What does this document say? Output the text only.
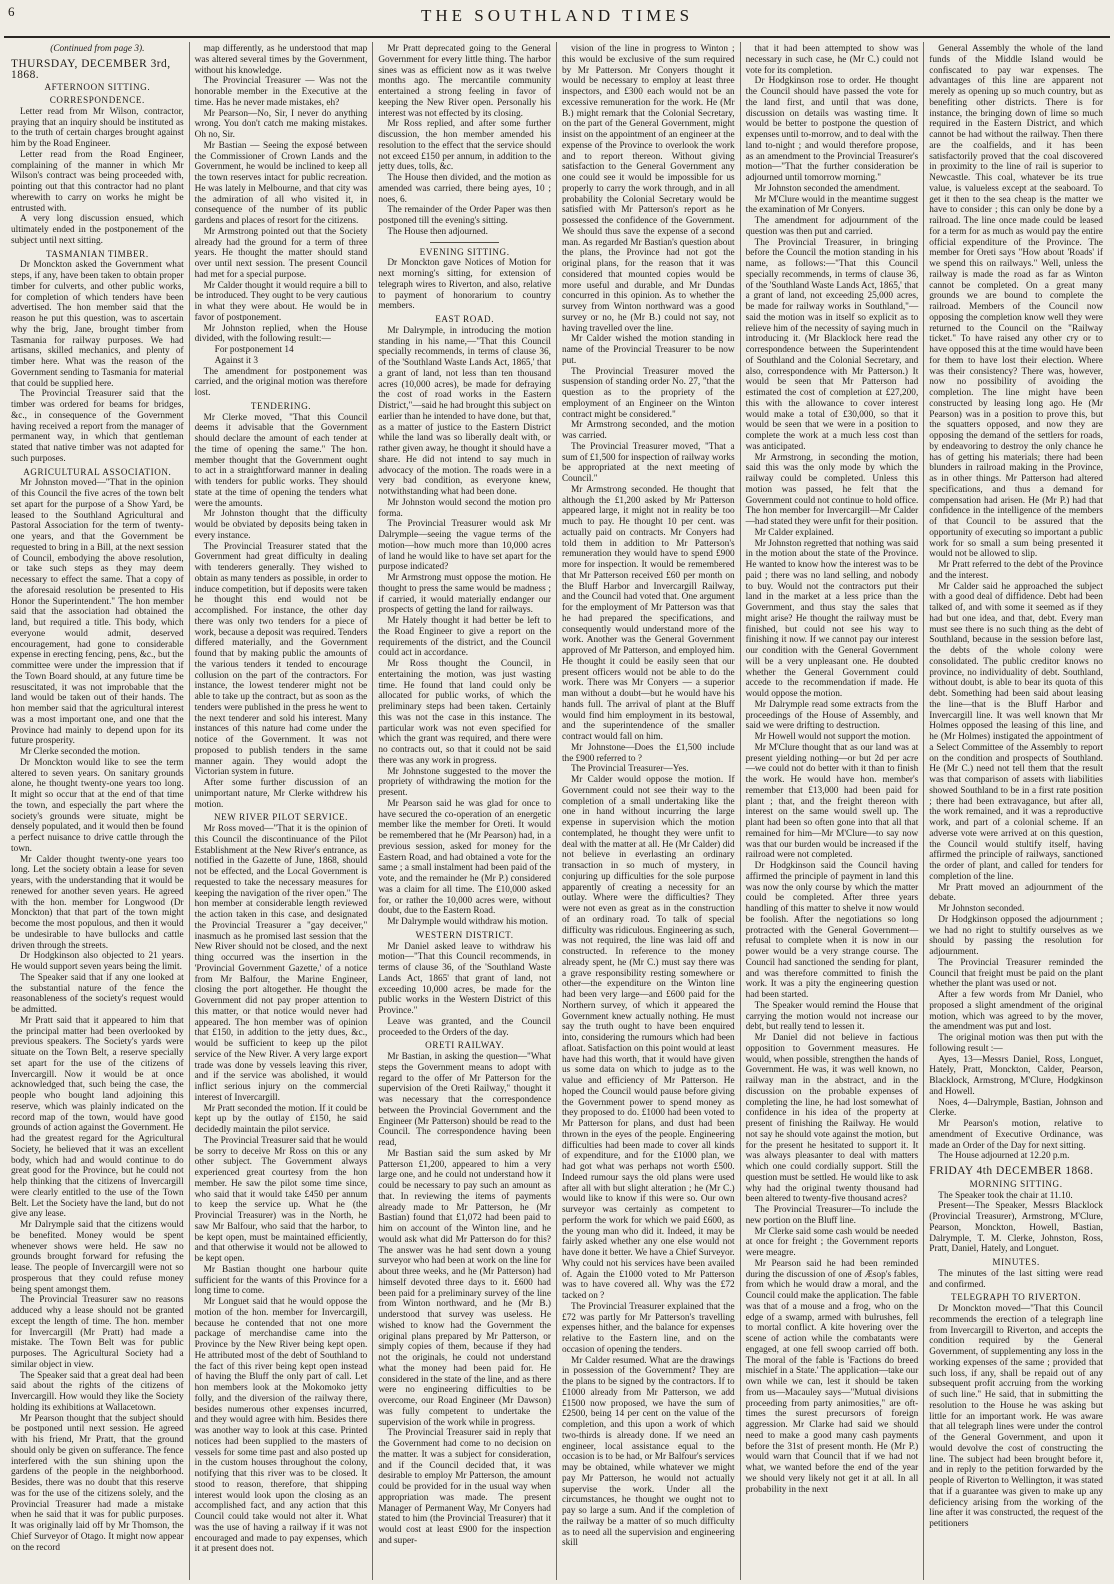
6	THE SOUTHLAND TIMES

(Continued from page 3).

THURSDAY, DECEMBER 3rd, 1868.

AFTERNOON SITTING.

CORRESPONDENCE.

Letter read from Mr Wilson, contractor, praying that an inquiry should be instituted as to the truth of certain charges brought against him by the Road Engineer.

Letter read from the Road Engineer, complaining of the manner in which Mr Wilson's contract was being proceeded with, pointing out that this contractor had no plant wherewith to carry on works he might be entrusted with.

A very long discussion ensued, which ultimately ended in the postponement of the subject until next sitting.

TASMANIAN TIMBER.

Dr Monckton asked the Government what steps, if any, have been taken to obtain proper timber for culverts, and other public works, for completion of which tenders have been advertised. The hon member said that the reason he put this question, was to ascertain why the brig, Jane, brought timber from Tasmania for railway purposes. We had artisans, skilled mechanics, and plenty of timber here. What was the reason of the Government sending to Tasmania for material that could be supplied here.

The Provincial Treasurer said that the timber was ordered for beams for bridges, &c., in consequence of the Government having received a report from the manager of permanent way, in which that gentleman stated that native timber was not adapted for such purposes.

AGRICULTURAL ASSOCIATION.

Mr Johnston moved—"That in the opinion of this Council the five acres of the town belt set apart for the purpose of a Show Yard, be leased to the Southland Agricultural and Pastoral Association for the term of twenty-one years, and that the Government be requested to bring in a Bill, at the next session of Council, embodying the above resolution, or take such steps as they may deem necessary to effect the same. That a copy of the aforesaid resolution be presented to His Honor the Superintendent." The hon member said that the association had obtained the land, but required a title. This body, which everyone would admit, deserved encouragement, had gone to considerable expense in erecting fencing, pens, &c., but the committee were under the impression that if the Town Board should, at any future time be resuscitated, it was not improbable that the land would be taken out of their hands. The hon member said that the agricultural interest was a most important one, and one that the Province had mainly to depend upon for its future prosperity.

Mr Clerke seconded the motion.

Dr Monckton would like to see the term altered to seven years. On sanitary grounds alone, he thought twenty-one years too long. It might so occur that at the end of that time the town, and especially the part where the society's grounds were situate, might be densely populated, and it would then be found a perfect nuisance to drive cattle through the town.

Mr Calder thought twenty-one years too long. Let the society obtain a lease for seven years, with the understanding that it would be renewed for another seven years. He agreed with the hon. member for Longwood (Dr Monckton) that that part of the town might become the most populous, and then it would be undesirable to have bullocks and cattle driven through the streets.

Dr Hodgkinson also objected to 21 years. He would support seven years being the limit.

The Speaker said that if any one looked at the substantial nature of the fence the reasonableness of the society's request would be admitted.

Mr Pratt said that it appeared to him that the principal matter had been overlooked by previous speakers. The Society's yards were situate on the Town Belt, a reserve specially set apart for the use of the citizens of Invercargill. Now it would be at once acknowledged that, such being the case, the people who bought land adjoining this reserve, which was plainly indicated on the record map of the town, would have good grounds of action against the Government. He had the greatest regard for the Agricultural Society, he believed that it was an excellent body, which had and would continue to do great good for the Province, but he could not help thinking that the citizens of Invercargill were clearly entitled to the use of the Town Belt. Let the Society have the land, but do not give any lease.

Mr Dalrymple said that the citizens would be benefited. Money would be spent whenever shows were held. He saw no grounds brought forward for refusing the lease. The people of Invercargill were not so prosperous that they could refuse money being spent amongst them.

The Provincial Treasurer saw no reasons adduced why a lease should not be granted except the length of time. The hon. member for Invercargill (Mr Pratt) had made a mistake. The Town Belt was for public purposes. The Agricultural Society had a similar object in view.

The Speaker said that a great deal had been said about the rights of the citizens of Invercargill. How would they like the Society holding its exhibitions at Wallacetown.

Mr Pearson thought that the subject should be postponed until next session. He agreed with his friend, Mr Pratt, that the ground should only be given on sufferance. The fence interfered with the sun shining upon the gardens of the people in the neighborhood. Besides, there was no doubt that this reserve was for the use of the citizens solely, and the Provincial Treasurer had made a mistake when he said that it was for public purposes. It was originally laid off by Mr Thomson, the Chief Surveyor of Otago. It might now appear on the record

map differently, as he understood that map was altered several times by the Government, without his knowledge.

The Provincial Treasurer — Was not the honorable member in the Executive at the time. Has he never made mistakes, eh?

Mr Pearson—No, Sir, I never do anything wrong. You don't catch me making mistakes. Oh no, Sir.

Mr Bastian — Seeing the exposé between the Commissioner of Crown Lands and the Government, he would be inclined to keep all the town reserves intact for public recreation. He was lately in Melbourne, and that city was the admiration of all who visited it, in consequence of the number of its public gardens and places of resort for the citizens.

Mr Armstrong pointed out that the Society already had the ground for a term of three years. He thought the matter should stand over until next session. The present Council had met for a special purpose.

Mr Calder thought it would require a bill to be introduced. They ought to be very cautious in what they were about. He would be in favor of postponement.

Mr Johnston replied, when the House divided, with the following result:—

For postponement 14

Against it 3

The amendment for postponement was carried, and the original motion was therefore lost.

TENDERING.

Mr Clerke moved, "That this Council deems it advisable that the Government should declare the amount of each tender at the time of opening the same." The hon. member thought that the Government ought to act in a straightforward manner in dealing with tenders for public works. They should state at the time of opening the tenders what were the amounts.

Mr Johnston thought that the difficulty would be obviated by deposits being taken in every instance.

The Provincial Treasurer stated that the Government had great difficulty in dealing with tenderers generally. They wished to obtain as many tenders as possible, in order to induce competition, but if deposits were taken he thought this end would not be accomplished. For instance, the other day there was only two tenders for a piece of work, because a deposit was required. Tenders differed materially, and the Government found that by making public the amounts of the various tenders it tended to encourage collusion on the part of the contractors. For instance, the lowest tenderer might not be able to take up the contract, but as soon as the tenders were published in the press he went to the next tenderer and sold his interest. Many instances of this nature had come under the notice of the Government. It was not proposed to publish tenders in the same manner again. They would adopt the Victorian system in future.

After some further discussion of an unimportant nature, Mr Clerke withdrew his motion.

NEW RIVER PILOT SERVICE.

Mr Ross moved—"That it is the opinion of this Council the discontinuance of the Pilot Establishment at the New River's entrance, as notified in the Gazette of June, 1868, should not be effected, and the Local Government is requested to take the necessary measures for keeping the navigation of the river open." The hon member at considerable length reviewed the action taken in this case, and designated the Provincial Treasurer a "gay deceiver," inasmuch as he promised last session that the New River should not be closed, and the next thing occurred was the insertion in the 'Provincial Government Gazette,' of a notice from Mr Balfour, the Marine Engineer, closing the port altogether. He thought the Government did not pay proper attention to this matter, or that notice would never had appeared. The hon member was of opinion that £150, in addition to the jetty dues, &c., would be sufficient to keep up the pilot service of the New River. A very large export trade was done by vessels leaving this river, and if the service was abolished, it would inflict serious injury on the commercial interest of Invercargill.

Mr Pratt seconded the motion. If it could be kept up by the outlay of £150, he said decidedly maintain the pilot service.

The Provincial Treasurer said that he would be sorry to deceive Mr Ross on this or any other subject. The Government always experienced great courtesy from the hon member. He saw the pilot some time since, who said that it would take £450 per annum to keep the service up. What he (the Provincial Treasurer) was in the North, he saw Mr Balfour, who said that the harbor, to be kept open, must be maintained efficiently, and that otherwise it would not be allowed to be kept open.

Mr Bastian thought one harbour quite sufficient for the wants of this Province for a long time to come.

Mr Longuet said that he would oppose the motion of the hon. member for Invercargill, because he contended that not one more package of merchandise came into the Province by the New River being kept open. He attributed most of the debt of Southland to the fact of this river being kept open instead of having the Bluff the only part of call. Let hon members look at the Mokomoko jetty folly, and the diversion of the railway there, besides numerous other expenses incurred, and they would agree with him. Besides there was another way to look at this case. Printed notices had been supplied to the masters of vessels for some time past and also posted up in the custom houses throughout the colony, notifying that this river was to be closed. It stood to reason, therefore, that shipping interest would look upon the closing as an accomplished fact, and any action that this Council could take would not alter it. What was the use of having a railway if it was not encouraged and made to pay expenses, which it at present does not.

Mr Pratt deprecated going to the General Government for every little thing. The harbor sines was as efficient now as it was twelve months ago. The mercantile community entertained a strong feeling in favor of keeping the New River open. Personally his interest was not effected by its closing.

Mr Ross replied, and after some further discussion, the hon member amended his resolution to the effect that the service should not exceed £150 per annum, in addition to the jetty dues, tolls, &c.

The House then divided, and the motion as amended was carried, there being ayes, 10 ; noes, 6.

The remainder of the Order Paper was then postponed till the evening's sitting.

The House then adjourned.

EVENING SITTING.

Dr Monckton gave Notices of Motion for next morning's sitting, for extension of telegraph wires to Riverton, and also, relative to payment of honorarium to country members.

EAST ROAD.

Mr Dalrymple, in introducing the motion standing in his name,—"That this Council specially recommends, in terms of clause 36, of the 'Southland Waste Lands Act, 1865,' that a grant of land, not less than ten thousand acres (10,000 acres), be made for defraying the cost of road works in the Eastern District,"—said he had brought this subject on earlier than he intended to have done, but that, as a matter of justice to the Eastern District while the land was so liberally dealt with, or rather given away, he thought it should have a share. He did not intend to say much in advocacy of the motion. The roads were in a very bad condition, as everyone knew, notwithstanding what had been done.

Mr Johnston would second the motion pro forma.

The Provincial Treasurer would ask Mr Dalrymple—seeing the vague terms of the motion—how much more than 10,000 acres of land he would like to have set apart for the purpose indicated?

Mr Armstrong must oppose the motion. He thought to press the same would be madness ; if carried, it would materially endanger our prospects of getting the land for railways.

Mr Hately thought it had better be left to the Road Engineer to give a report on the requirements of the district, and the Council could act in accordance.

Mr Ross thought the Council, in entertaining the motion, was just wasting time. He found that land could only be allocated for public works, of which the preliminary steps had been taken. Certainly this was not the case in this instance. The particular work was not even specified for which the grant was required, and there were no contracts out, so that it could not be said there was any work in progress.

Mr Johnstone suggested to the mover the propriety of withdrawing the motion for the present.

Mr Pearson said he was glad for once to have secured the co-operation of an energetic member like the member for Oreti. It would be remembered that he (Mr Pearson) had, in a previous session, asked for money for the Eastern Road, and had obtained a vote for the same ; a small instalment had been paid of the vote, and the remainder he (Mr P.) considered was a claim for all time. The £10,000 asked for, or rather the 10,000 acres were, without doubt, due to the Eastern Road.

Mr Dalrymple would withdraw his motion.

WESTERN DISTRICT.

Mr Daniel asked leave to withdraw his motion—"That this Council recommends, in terms of clause 36, of the 'Southland Waste Lands Act, 1865' that grant of land, not exceeding 10,000 acres, be made for the public works in the Western District of this Province."

Leave was granted, and the Council proceeded to the Orders of the day.

ORETI RAILWAY.

Mr Bastian, in asking the question—"What steps the Government means to adopt with regard to the offer of Mr Patterson for the supervision of the Oreti Railway," thought it was necessary that the correspondence between the Provincial Government and the Engineer (Mr Patterson) should be read to the Council. The correspondence having been read,

Mr Bastian said the sum asked by Mr Patterson £1,200, appeared to him a very large one, and he could not understand how it could be necessary to pay such an amount as that. In reviewing the items of payments already made to Mr Patterson, he (Mr Bastian) found that £1,072 had been paid to him on account of the Winton line, and he would ask what did Mr Patterson do for this? The answer was he had sent down a young surveyor who had been at work on the line for about three weeks, and he (Mr Patterson) had himself devoted three days to it. £600 had been paid for a preliminary survey of the line from Winton northward, and he (Mr B.) understood that survey was useless. He wished to know had the Government the original plans prepared by Mr Patterson, or simply copies of them, because if they had not the originals, he could not understand what the money had been paid for. He considered in the state of the line, and as there were no engineering difficulties to be overcome, our Road Engineer (Mr Dawson) was fully competent to undertake the supervision of the work while in progress.

The Provincial Treasurer said in reply that the Government had come to no decision on the matter. It was a subject for consideration, and if the Council decided that, it was desirable to employ Mr Patterson, the amount could be provided for in the usual way when appropriation was made. The present Manager of Permanent Way, Mr Conyers had stated to him (the Provincial Treasurer) that it would cost at least £900 for the inspection and super-

vision of the line in progress to Winton ; this would be exclusive of the sum required by Mr Patterson. Mr Conyers thought it would be necessary to employ at least three inspectors, and £300 each would not be an excessive remuneration for the work. He (Mr B.) might remark that the Colonial Secretary, on the part of the General Government, might insist on the appointment of an engineer at the expense of the Province to overlook the work and to report thereon. Without giving satisfaction to the General Government any one could see it would be impossible for us properly to carry the work through, and in all probability the Colonial Secretary would be satisfied with Mr Patterson's report as he possessed the confidence of the Government. We should thus save the expense of a second man. As regarded Mr Bastian's question about the plans, the Province had not got the original plans, for the reason that it was considered that mounted copies would be more useful and durable, and Mr Dundas concurred in this opinion. As to whether the survey from Winton northward was a good survey or no, he (Mr B.) could not say, not having travelled over the line.

Mr Calder wished the motion standing in name of the Provincial Treasurer to be now put.

The Provincial Treasurer moved the suspension of standing order No. 27, "that the question as to the propriety of the employment of an Engineer on the Winton contract might be considered."

Mr Armstrong seconded, and the motion was carried.

The Provincial Treasurer moved, "That a sum of £1,500 for inspection of railway works be appropriated at the next meeting of Council."

Mr Armstrong seconded. He thought that although the £1,200 asked by Mr Patterson appeared large, it might not in reality be too much to pay. He thought 10 per cent. was actually paid on contracts. Mr Conyers had told them in addition to Mr Patterson's remuneration they would have to spend £900 more for inspection. It would be remembered that Mr Patterson received £60 per month on the Bluff Harbor and Invercargill Railway, and the Council had voted that. One argument for the employment of Mr Patterson was that he had prepared the specifications, and consequently would understand more of the work. Another was the General Government approved of Mr Patterson, and employed him. He thought it could be easily seen that our present officers would not be able to do the work. There was Mr Conyers — a superior man without a doubt—but he would have his hands full. The arrival of plant at the Bluff would find him employment in its bestowal, and the superintendence of the smaller contract would fall on him.

Mr Johnstone—Does the £1,500 include the £900 referred to ?

The Provincial Treasurer—Yes.

Mr Calder would oppose the motion. If Government could not see their way to the completion of a small undertaking like the one in hand without incurring the large expense in supervision which the motion contemplated, he thought they were unfit to deal with the matter at all. He (Mr Calder) did not believe in everlasting an ordinary transaction in so much of mystery, in conjuring up difficulties for the sole purpose apparently of creating a necessity for an outlay. Where were the difficulties? They were not even as great as in the construction of an ordinary road. To talk of special difficulty was ridiculous. Engineering as such, was not required, the line was laid off and constructed. In reference to the money already spent, he (Mr C.) must say there was a grave responsibility resting somewhere or other—the expenditure on the Winton line had been very large—and £600 paid for the Northern survey, of which it appeared the Government knew actually nothing. He must say the truth ought to have been enquired into, considering the rumours which had been afloat. Satisfaction on this point would at least have had this worth, that it would have given us some data on which to judge as to the value and efficiency of Mr Patterson. He hoped the Council would pause before giving the Government power to spend money as they proposed to do. £1000 had been voted to Mr Patterson for plans, and dust had been thrown in the eyes of the people. Engineering difficulties had been made to cover all kinds of expenditure, and for the £1000 plan, we had got what was perhaps not worth £500. Indeed rumour says the old plans were used after all with but slight alteration ; he (Mr C.) would like to know if this were so. Our own surveyor was certainly as competent to perform the work for which we paid £600, as the young man who did it. Indeed, it may be fairly asked whether any one else would not have done it better. We have a Chief Surveyor. Why could not his services have been availed of. Again the £1000 voted to Mr Patterson was to have covered all. Why was the £72 tacked on ?

The Provincial Treasurer explained that the £72 was partly for Mr Patterson's travelling expenses hither, and the balance for expenses relative to the Eastern line, and on the occasion of opening the tenders.

Mr Calder resumed. What are the drawings in possession of the Government? They are the plans to be signed by the contractors. If to £1000 already from Mr Patterson, we add £1500 now proposed, we have the sum of £2500, being 14 per cent on the value of the completion, and this upon a work of which two-thirds is already done. If we need an engineer, local assistance equal to the occasion is to be had, or Mr Balfour's services may be obtained, while whatever we might pay Mr Patterson, he would not actually supervise the work. Under all the circumstances, he thought we ought not to pay so large a sum. And if the completion of the railway be a matter of so much difficulty as to need all the supervision and engineering skill

that it had been attempted to show was necessary in such case, he (Mr C.) could not vote for its completion.

Dr Hodgkinson rose to order. He thought the Council should have passed the vote for the land first, and until that was done, discussion on details was wasting time. It would be better to postpone the question of expenses until to-morrow, and to deal with the land to-night ; and would therefore propose, as an amendment to the Provincial Treasurer's motion—"That the further consideration be adjourned until tomorrow morning."

Mr Johnston seconded the amendment.

Mr M'Clure would in the meantime suggest the examination of Mr Conyers.

The amendment for adjournment of the question was then put and carried.

The Provincial Treasurer, in bringing before the Council the motion standing in his name, as follows:—"That this Council specially recommends, in terms of clause 36, of the 'Southland Waste Lands Act, 1865,' that a grant of land, not exceeding 25,000 acres, be made for railway works in Southland,"—said the motion was in itself so explicit as to relieve him of the necessity of saying much in introducing it. (Mr Blacklock here read the correspondence between the Superintendent of Southland and the Colonial Secretary, and also, correspondence with Mr Patterson.) It would be seen that Mr Patterson had estimated the cost of completion at £27,200, this with the allowance to cover interest would make a total of £30,000, so that it would be seen that we were in a position to complete the work at a much less cost than was anticipated.

Mr Armstrong, in seconding the motion, said this was the only mode by which the railway could be completed. Unless this motion was passed, he felt that the Government could not continue to hold office. The hon member for Invercargill—Mr Calder—had stated they were unfit for their position.

Mr Calder explained.

Mr Johnston regretted that nothing was said in the motion about the state of the Province. He wanted to know how the interest was to be paid ; there was no land selling, and nobody to buy. Would not the contractors put their land in the market at a less price than the Government, and thus stay the sales that might arise? He thought the railway must be finished, but could not see his way to finishing it now. If we cannot pay our interest our condition with the General Government will be a very unpleasant one. He doubted whether the General Government could accede to the recommendation if made. He would oppose the motion.

Mr Dalrymple read some extracts from the proceedings of the House of Assembly, and said we were drifting to destruction.

Mr Howell would not support the motion.

Mr M'Clure thought that as our land was at present yielding nothing—or but 2d per acre—we could not do better with it than to finish the work. He would have hon. member's remember that £13,000 had been paid for plant ; that, and the freight thereon with interest on the same would swell up. The plant had been so often gone into that all that remained for him—Mr M'Clure—to say now was that our burden would be increased if the railroad were not completed.

Dr Hodgkinson said the Council having affirmed the principle of payment in land this was now the only course by which the matter could be completed. After three years handling of this matter to shelve it now would be foolish. After the negotiations so long protracted with the General Government—refusal to complete when it is now in our power would be a very strange course. The Council had sanctioned the sending for plant, and was therefore committed to finish the work. It was a pity the engineering question had been started.

The Speaker would remind the House that carrying the motion would not increase our debt, but really tend to lessen it.

Mr Daniel did not believe in factious opposition to Government measures. He would, when possible, strengthen the hands of Government. He was, it was well known, no railway man in the abstract, and in the discussion on the probable expenses of completing the line, he had lost somewhat of confidence in his idea of the property at present of finishing the Railway. He would not say he should vote against the motion, but for the present he hesitated to support it. It was always pleasanter to deal with matters which one could cordially support. Still the question must be settled. He would like to ask why had the original twenty thousand had been altered to twenty-five thousand acres?

The Provincial Treasurer—To include the new portion on the Bluff line.

Mr Clerke said some cash would be needed at once for freight ; the Government reports were meagre.

Mr Pearson said he had been reminded during the discussion of one of Æsop's fables, from which he would draw a moral, and the Council could make the application. The fable was that of a mouse and a frog, who on the edge of a swamp, armed with bulrushes, fell to mortal conflict. A kite hovering over the scene of action while the combatants were engaged, at one fell swoop carried off both. The moral of the fable is 'Factions do breed mischief in a State.' The application—take our own while we can, lest it should be taken from us—Macauley says—"Mutual divisions proceeding from party animosities," are oft-times the surest precursors of foreign aggression. Mr Clarke had said we should need to make a good many cash payments before the 31st of present month. He (Mr P.) would warn that Council that if we had not what, we wanted before the end of the year we should very likely not get it at all. In all probability in the next

General Assembly the whole of the land funds of the Middle Island would be confiscated to pay war expenses. The advantages of this line are apparent not merely as opening up so much country, but as benefiting other districts. There is for instance, the bringing down of lime so much required in the Eastern District, and which cannot be had without the railway. Then there are the coalfields, and it has been satisfactorily proved that the coal discovered in proximity to the line of rail is superior to Newcastle. This coal, whatever be its true value, is valueless except at the seaboard. To get it then to the sea cheap is the matter we have to consider ; this can only be done by a railroad. The line once made could be leased for a term for as much as would pay the entire official expenditure of the Province. The member for Oreti says "How about 'Roads' if we spend this on railways." Well, unless the railway is made the road as far as Winton cannot be completed. On a great many grounds we are bound to complete the railroad. Members of the Council now opposing the completion know well they were returned to the Council on the "Railway ticket." To have raised any other cry or to have opposed this at the time would have been for them to have lost their election. Where was their consistency? There was, however, now no possibility of avoiding the completion. The line might have been constructed by leasing long ago. He (Mr Pearson) was in a position to prove this, but the squatters opposed, and now they are opposing the demand of the settlers for roads, by endeavoring to destroy the only chance he has of getting his materials; there had been blunders in railroad making in the Province, as in other things. Mr Patterson had altered specifications, and thus a demand for compensation had arisen. He (Mr P.) had that confidence in the intelligence of the members of that Council to be assured that the opportunity of executing so important a public work for so small a sum being presented it would not be allowed to slip.

Mr Pratt referred to the debt of the Province and the interest.

Mr Calder said he approached the subject with a good deal of diffidence. Debt had been talked of, and with some it seemed as if they had but one idea, and that, debt. Every man must see there is no such thing as the debt of Southland, because in the session before last, the debts of the whole colony were consolidated. The public creditor knows no province, no individuality of debt. Southland, without doubt, is able to bear its quota of this debt. Something had been said about leasing the line—that is the Bluff Harbor and Invercargill line. It was well known that Mr Holmes opposed the leasing of this line, and he (Mr Holmes) instigated the appointment of a Select Committee of the Assembly to report on the condition and prospects of Southland. He (Mr C.) need not tell them that the result was that comparison of assets with liabilities showed Southland to be in a first rate position ; there had been extravagance, but after all, the work remained, and it was a reproductive work, and part of a colonial scheme. If an adverse vote were arrived at on this question, the Council would stultify itself, having affirmed the principle of railways, sanctioned the order of plant, and called for tenders for completion of the line.

Mr Pratt moved an adjournment of the debate.

Mr Johnston seconded.

Dr Hodgkinson opposed the adjournment ; we had no right to stultify ourselves as we should by passing the resolution for adjournment.

The Provincial Treasurer reminded the Council that freight must be paid on the plant whether the plant was used or not.

After a few words from Mr Daniel, who proposed a slight amendment of the original motion, which was agreed to by the mover, the amendment was put and lost.

The original motion was then put with the following result :—

Ayes, 13—Messrs Daniel, Ross, Longuet, Hately, Pratt, Monckton, Calder, Pearson, Blacklock, Armstrong, M'Clure, Hodgkinson and Howell.

Noes, 4—Dalrymple, Bastian, Johnson and Clerke.

Mr Pearson's motion, relative to amendment of Executive Ordinance, was made an Order of the Day for next sitting.

The House adjourned at 12.20 p.m.

FRIDAY 4th DECEMBER 1868.

MORNING SITTING.

The Speaker took the chair at 11.10.

Present—The Speaker, Messrs Blacklock (Provincial Treasurer), Armstrong, M'Clure, Pearson, Monckton, Howell, Bastian, Dalrymple, T. M. Clerke, Johnston, Ross, Pratt, Daniel, Hately, and Longuet.

MINUTES.

The minutes of the last sitting were read and confirmed.

TELEGRAPH TO RIVERTON.

Dr Monckton moved—"That this Council recommends the erection of a telegraph line from Invercargill to Riverton, and accepts the condition required by the General Government, of supplementing any loss in the working expenses of the same ; provided that such loss, if any, shall be repaid out of any subsequent profit accruing from the working of such line." He said, that in submitting the resolution to the House he was asking but little for an important work. He was aware that all telegraph lines were under the control of the General Government, and upon it would devolve the cost of constructing the line. The subject had been brought before it, and in reply to the petition forwarded by the people of Riverton to Wellington, it was stated that if a guarantee was given to make up any deficiency arising from the working of the line after it was constructed, the request of the petitioners
